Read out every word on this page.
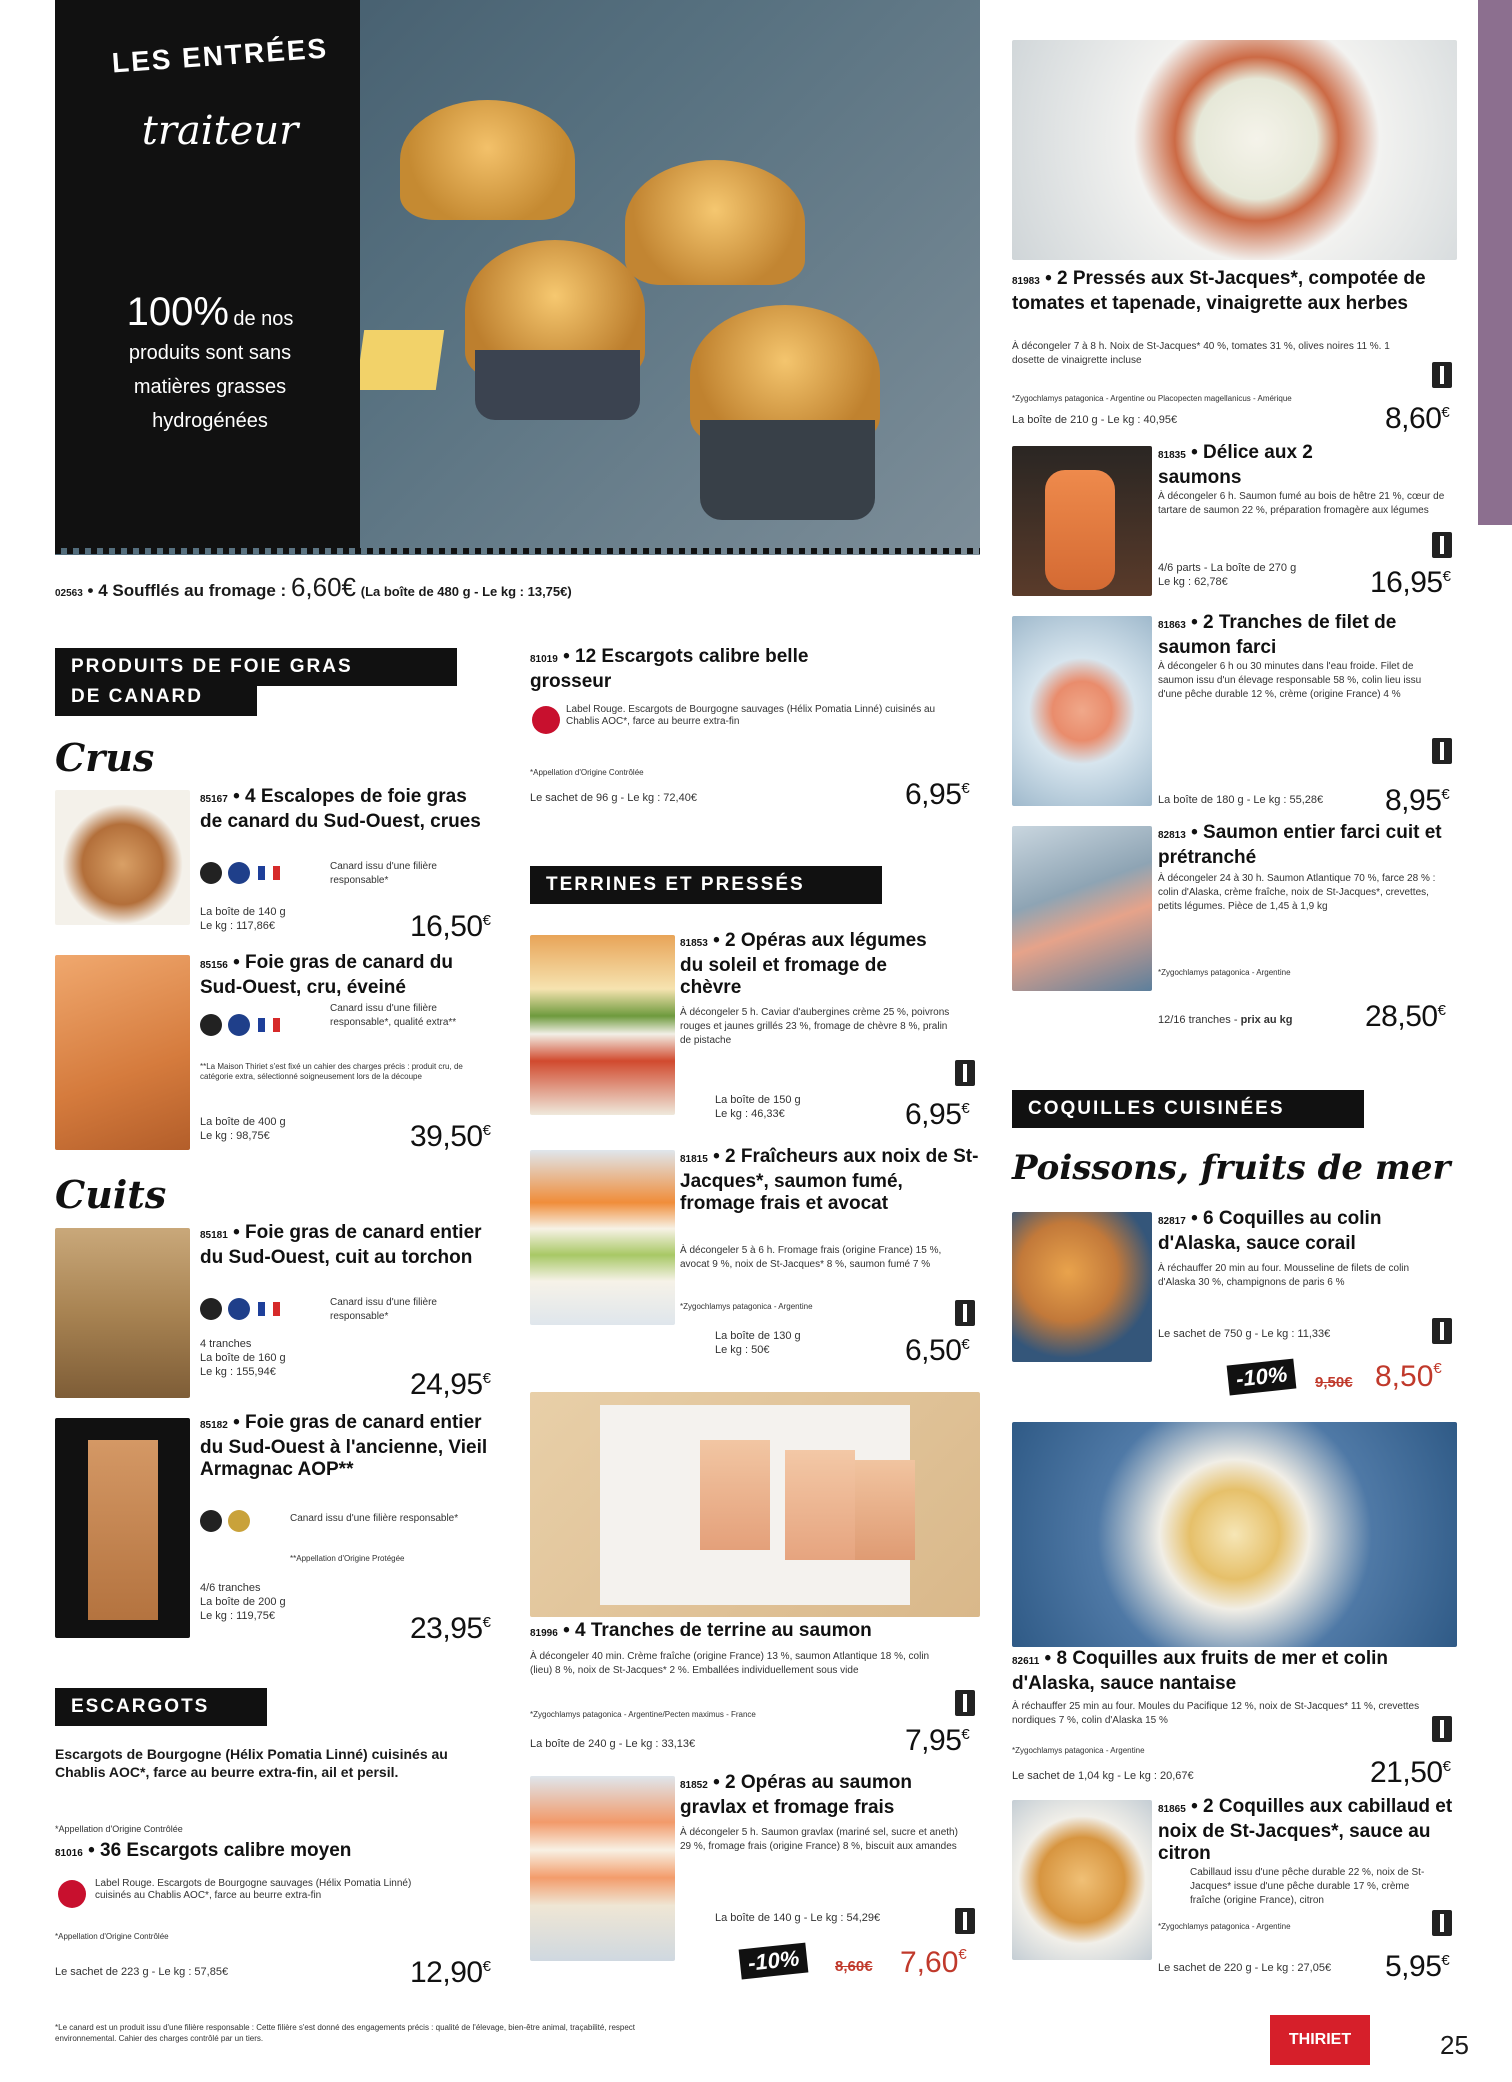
LES ENTRÉES
traiteur
100% de nos
produits sont sans
matières grasses
hydrogénées
02563 • 4 Soufflés au fromage : 6,60€ (La boîte de 480 g - Le kg : 13,75€)
PRODUITS DE FOIE GRAS
DE CANARD
Crus
85167 • 4 Escalopes de foie gras de canard du Sud-Ouest, crues
Canard issu d'une filière responsable*
La boîte de 140 g
Le kg : 117,86€	16,50€
85156 • Foie gras de canard du Sud-Ouest, cru, éveiné
Canard issu d'une filière responsable*, qualité extra**
**La Maison Thiriet s'est fixé un cahier des charges précis : produit cru, de catégorie extra, sélectionné soigneusement lors de la découpe
La boîte de 400 g
Le kg : 98,75€	39,50€
Cuits
85181 • Foie gras de canard entier du Sud-Ouest, cuit au torchon
Canard issu d'une filière responsable*
4 tranches
La boîte de 160 g
Le kg : 155,94€	24,95€
85182 • Foie gras de canard entier du Sud-Ouest à l'ancienne, Vieil Armagnac AOP**
Canard issu d'une filière responsable*
**Appellation d'Origine Protégée
4/6 tranches
La boîte de 200 g
Le kg : 119,75€	23,95€
ESCARGOTS
Escargots de Bourgogne (Hélix Pomatia Linné) cuisinés au Chablis AOC*, farce au beurre extra-fin, ail et persil.
*Appellation d'Origine Contrôlée
81016 • 36 Escargots calibre moyen
Label Rouge. Escargots de Bourgogne sauvages (Hélix Pomatia Linné) cuisinés au Chablis AOC*, farce au beurre extra-fin
*Appellation d'Origine Contrôlée
Le sachet de 223 g - Le kg : 57,85€	12,90€
81019 • 12 Escargots calibre belle grosseur
Label Rouge. Escargots de Bourgogne sauvages (Hélix Pomatia Linné) cuisinés au Chablis AOC*, farce au beurre extra-fin
*Appellation d'Origine Contrôlée
Le sachet de 96 g - Le kg : 72,40€	6,95€
TERRINES ET PRESSÉS
81853 • 2 Opéras aux légumes du soleil et fromage de chèvre
À décongeler 5 h. Caviar d'aubergines crème 25 %, poivrons rouges et jaunes grillés 23 %, fromage de chèvre 8 %, pralin de pistache
La boîte de 150 g
Le kg : 46,33€	6,95€
81815 • 2 Fraîcheurs aux noix de St-Jacques*, saumon fumé, fromage frais et avocat
À décongeler 5 à 6 h. Fromage frais (origine France) 15 %, avocat 9 %, noix de St-Jacques* 8 %, saumon fumé 7 %
*Zygochlamys patagonica - Argentine
La boîte de 130 g
Le kg : 50€	6,50€
81996 • 4 Tranches de terrine au saumon
À décongeler 40 min. Crème fraîche (origine France) 13 %, saumon Atlantique 18 %, colin (lieu) 8 %, noix de St-Jacques* 2 %. Emballées individuellement sous vide
*Zygochlamys patagonica - Argentine/Pecten maximus - France
La boîte de 240 g - Le kg : 33,13€	7,95€
81852 • 2 Opéras au saumon gravlax et fromage frais
À décongeler 5 h. Saumon gravlax (mariné sel, sucre et aneth) 29 %, fromage frais (origine France) 8 %, biscuit aux amandes
La boîte de 140 g - Le kg : 54,29€
-10%	8,60€ 7,60€
81983 • 2 Pressés aux St-Jacques*, compotée de tomates et tapenade, vinaigrette aux herbes
À décongeler 7 à 8 h. Noix de St-Jacques* 40 %, tomates 31 %, olives noires 11 %. 1 dosette de vinaigrette incluse
*Zygochlamys patagonica - Argentine ou Placopecten magellanicus - Amérique
La boîte de 210 g - Le kg : 40,95€	8,60€
81835 • Délice aux 2 saumons
À décongeler 6 h. Saumon fumé au bois de hêtre 21 %, cœur de tartare de saumon 22 %, préparation fromagère aux légumes
4/6 parts - La boîte de 270 g
Le kg : 62,78€	16,95€
81863 • 2 Tranches de filet de saumon farci
À décongeler 6 h ou 30 minutes dans l'eau froide. Filet de saumon issu d'un élevage responsable 58 %, colin lieu issu d'une pêche durable 12 %, crème (origine France) 4 %
La boîte de 180 g - Le kg : 55,28€ 8,95€
82813 • Saumon entier farci cuit et prétranché
À décongeler 24 à 30 h. Saumon Atlantique 70 %, farce 28 % : colin d'Alaska, crème fraîche, noix de St-Jacques*, crevettes, petits légumes. Pièce de 1,45 à 1,9 kg
*Zygochlamys patagonica - Argentine
12/16 tranches - prix au kg 28,50€
COQUILLES CUISINÉES
Poissons, fruits de mer
82817 • 6 Coquilles au colin d'Alaska, sauce corail
À réchauffer 20 min au four. Mousseline de filets de colin d'Alaska 30 %, champignons de paris 6 %
Le sachet de 750 g - Le kg : 11,33€
-10%	9,50€ 8,50€
82611 • 8 Coquilles aux fruits de mer et colin d'Alaska, sauce nantaise
À réchauffer 25 min au four. Moules du Pacifique 12 %, noix de St-Jacques* 11 %, crevettes nordiques 7 %, colin d'Alaska 15 %
*Zygochlamys patagonica - Argentine
Le sachet de 1,04 kg - Le kg : 20,67€	21,50€
81865 • 2 Coquilles aux cabillaud et noix de St-Jacques*, sauce au citron
Cabillaud issu d'une pêche durable 22 %, noix de St-Jacques* issue d'une pêche durable 17 %, crème fraîche (origine France), citron
*Zygochlamys patagonica - Argentine
Le sachet de 220 g - Le kg : 27,05€ 5,95€
*Le canard est un produit issu d'une filière responsable : Cette filière s'est donné des engagements précis : qualité de l'élevage, bien-être animal, traçabilité, respect environnemental. Cahier des charges contrôlé par un tiers.	THIRIET	25
